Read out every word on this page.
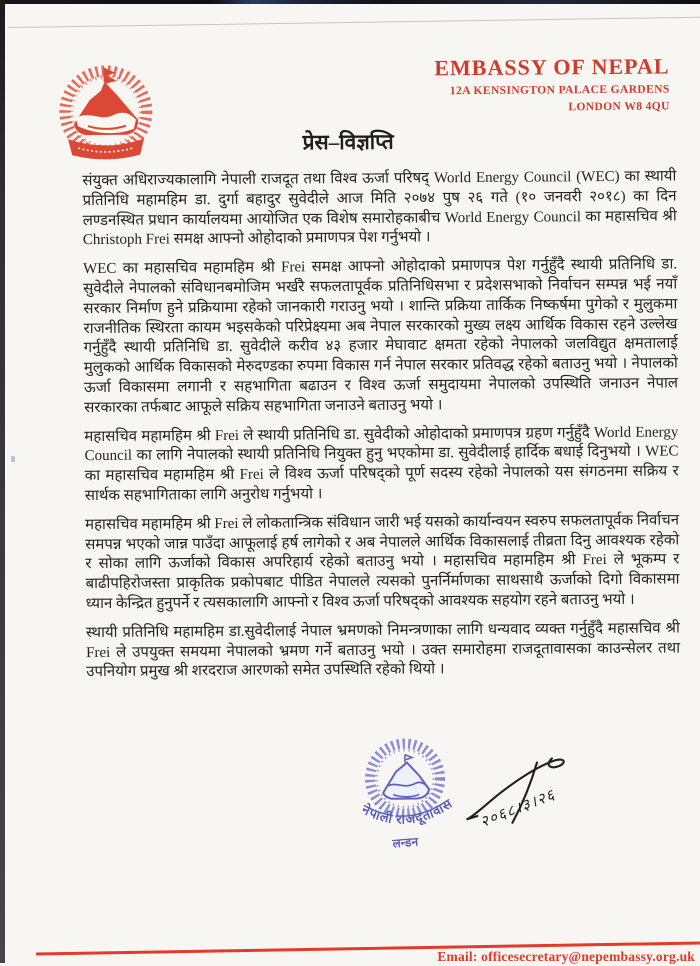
EMBASSY OF NEPAL
12A KENSINGTON PALACE GARDENS
LONDON W8 4QU
प्रेस–विज्ञप्ति

संयुक्त अधिराज्यकालागि नेपाली राजदूत तथा विश्व ऊर्जा परिषद् World Energy Council (WEC) का स्थायी प्रतिनिधि महामहिम डा. दुर्गा बहादुर सुवेदीले आज मिति २०७४ पुष २६ गते (१० जनवरी २०१८) का दिन लण्डनस्थित प्रधान कार्यालयमा आयोजित एक विशेष समारोहकाबीच World Energy Council का महासचिव श्री Christoph Frei समक्ष आफ्नो ओहोदाको प्रमाणपत्र पेश गर्नुभयो ।

WEC का महासचिव महामहिम श्री Frei समक्ष आफ्नो ओहोदाको प्रमाणपत्र पेश गर्नुहुँदै स्थायी प्रतिनिधि डा. सुवेदीले नेपालको संविधानबमोजिम भर्खरै सफलतापूर्वक प्रतिनिधिसभा र प्रदेशसभाको निर्वाचन सम्पन्न भई नयाँ सरकार निर्माण हुने प्रक्रियामा रहेको जानकारी गराउनु भयो । शान्ति प्रक्रिया तार्किक निष्कर्षमा पुगेको र मुलुकमा राजनीतिक स्थिरता कायम भइसकेको परिप्रेक्ष्यमा अब नेपाल सरकारको मुख्य लक्ष्य आर्थिक विकास रहने उल्लेख गर्नुहुँदै स्थायी प्रतिनिधि डा. सुवेदीले करीव ४३ हजार मेघावाट क्षमता रहेको नेपालको जलविद्युत क्षमतालाई मुलुकको आर्थिक विकासको मेरुदण्डका रुपमा विकास गर्न नेपाल सरकार प्रतिवद्ध रहेको बताउनु भयो । नेपालको ऊर्जा विकासमा लगानी र सहभागिता बढाउन र विश्व ऊर्जा समुदायमा नेपालको उपस्थिति जनाउन नेपाल सरकारका तर्फबाट आफूले सक्रिय सहभागिता जनाउने बताउनु भयो ।

महासचिव महामहिम श्री Frei ले स्थायी प्रतिनिधि डा. सुवेदीको ओहोदाको प्रमाणपत्र ग्रहण गर्नुहुँदै World Energy Council का लागि नेपालको स्थायी प्रतिनिधि नियुक्त हुनु भएकोमा डा. सुवेदीलाई हार्दिक बधाई दिनुभयो । WEC का महासचिव महामहिम श्री Frei ले विश्व ऊर्जा परिषद्को पूर्ण सदस्य रहेको नेपालको यस संगठनमा सक्रिय र सार्थक सहभागिताका लागि अनुरोध गर्नुभयो ।

महासचिव महामहिम श्री Frei ले लोकतान्त्रिक संविधान जारी भई यसको कार्यान्वयन स्वरुप सफलतापूर्वक निर्वाचन समपन्न भएको जान्न पाउँदा आफूलाई हर्ष लागेको र अब नेपालले आर्थिक विकासलाई तीव्रता दिनु आवश्यक रहेको र सोका लागि ऊर्जाको विकास अपरिहार्य रहेको बताउनु भयो । महासचिव महामहिम श्री Frei ले भूकम्प र बाढीपहिरोजस्ता प्राकृतिक प्रकोपबाट पीडित नेपालले त्यसको पुनर्निर्माणका साथसाथै ऊर्जाको दिगो विकासमा ध्यान केन्द्रित हुनुपर्ने र त्यसकालागि आफ्नो र विश्व ऊर्जा परिषद्को आवश्यक सहयोग रहने बताउनु भयो ।

स्थायी प्रतिनिधि महामहिम डा.सुवेदीलाई नेपाल भ्रमणको निमन्त्रणाका लागि धन्यवाद व्यक्त गर्नुहुँदै महासचिव श्री Frei ले उपयुक्त समयमा नेपालको भ्रमण गर्ने बताउनु भयो । उक्त समारोहमा राजदूतावासका काउन्सेलर तथा उपनियोग प्रमुख श्री शरदराज आरणको समेत उपस्थिति रहेको थियो ।

नेपाली राजदूतावास
लन्डन
२०६८।३।२६
Email: officesecretary@nepembassy.org.uk
